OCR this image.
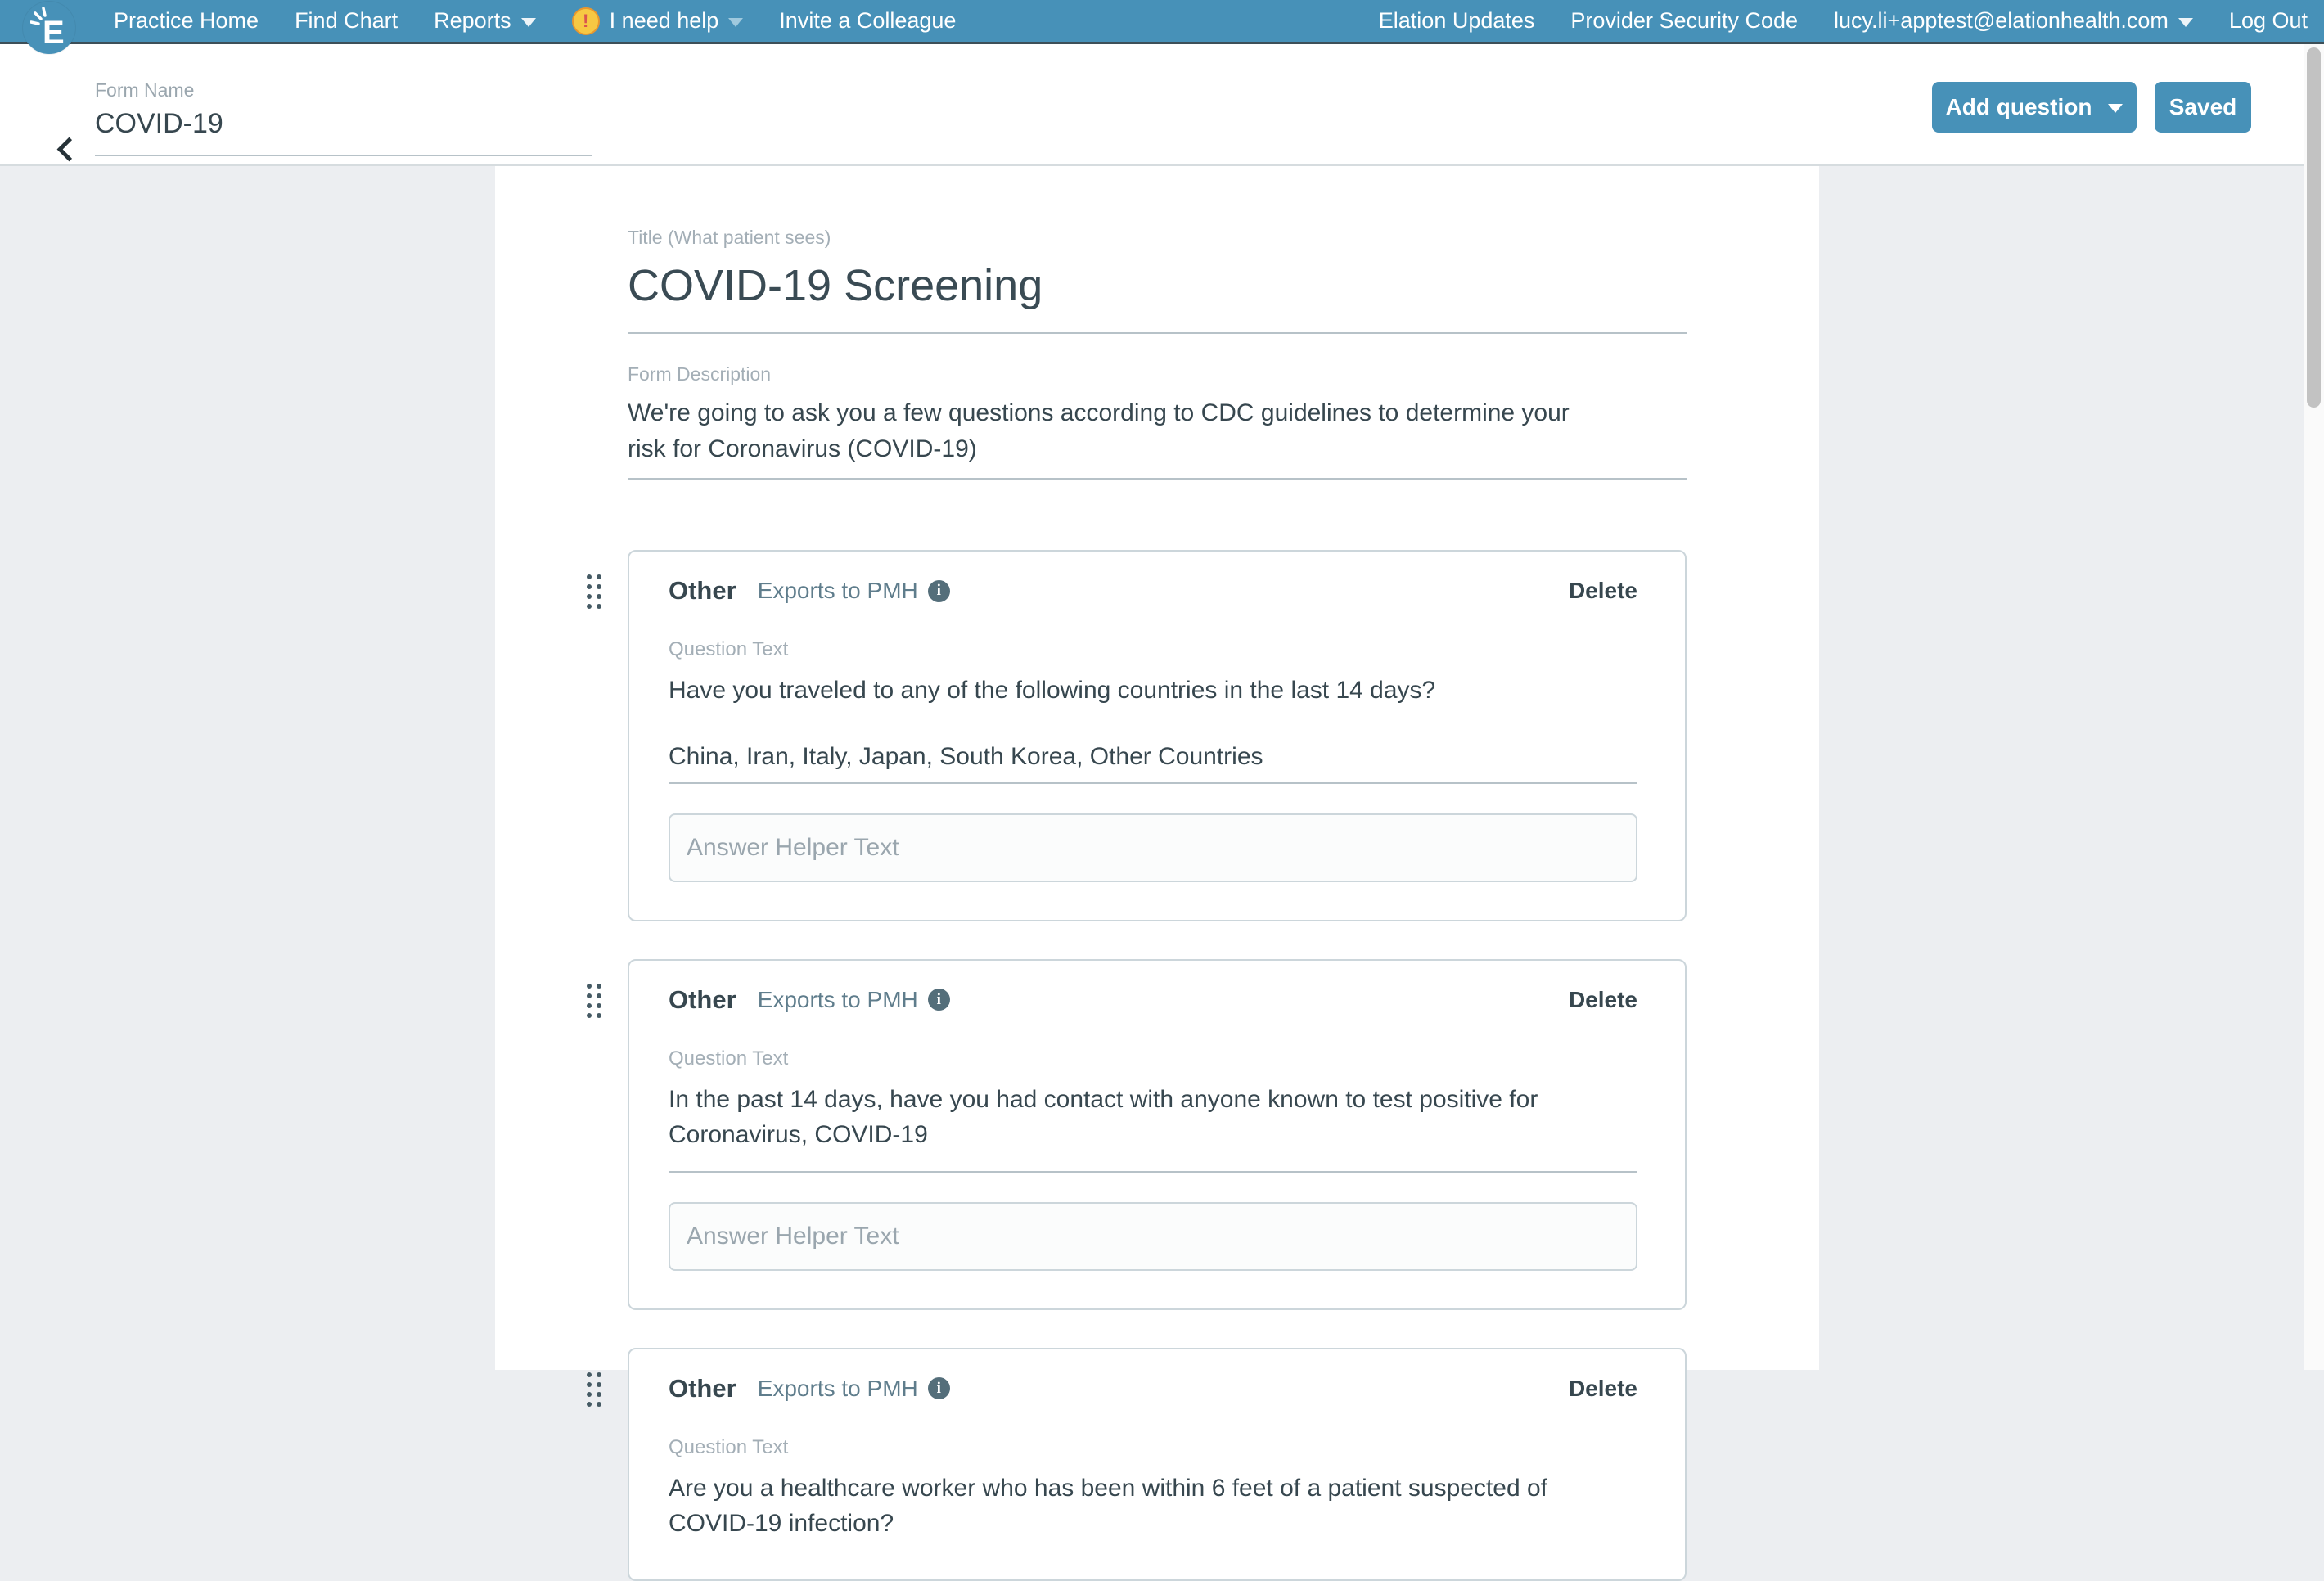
Practice Home Find Chart Reports	! I need help	Invite a Colleague	Elation Updates Provider Security Code lucy.li+apptest@elationhealth.com	Log Out
E
Form Name
COVID-19
Add question	Saved
Title (What patient sees)
COVID-19 Screening
Form Description
We're going to ask you a few questions according to CDC guidelines to determine your risk for Coronavirus (COVID-19)
Other Exports to PMH	i	Delete
Question Text
Have you traveled to any of the following countries in the last 14 days?
China, Iran, Italy, Japan, South Korea, Other Countries
Answer Helper Text
Other Exports to PMH	i	Delete
Question Text
In the past 14 days, have you had contact with anyone known to test positive for Coronavirus, COVID-19
Answer Helper Text
Other Exports to PMH	i	Delete
Question Text
Are you a healthcare worker who has been within 6 feet of a patient suspected of COVID-19 infection?
